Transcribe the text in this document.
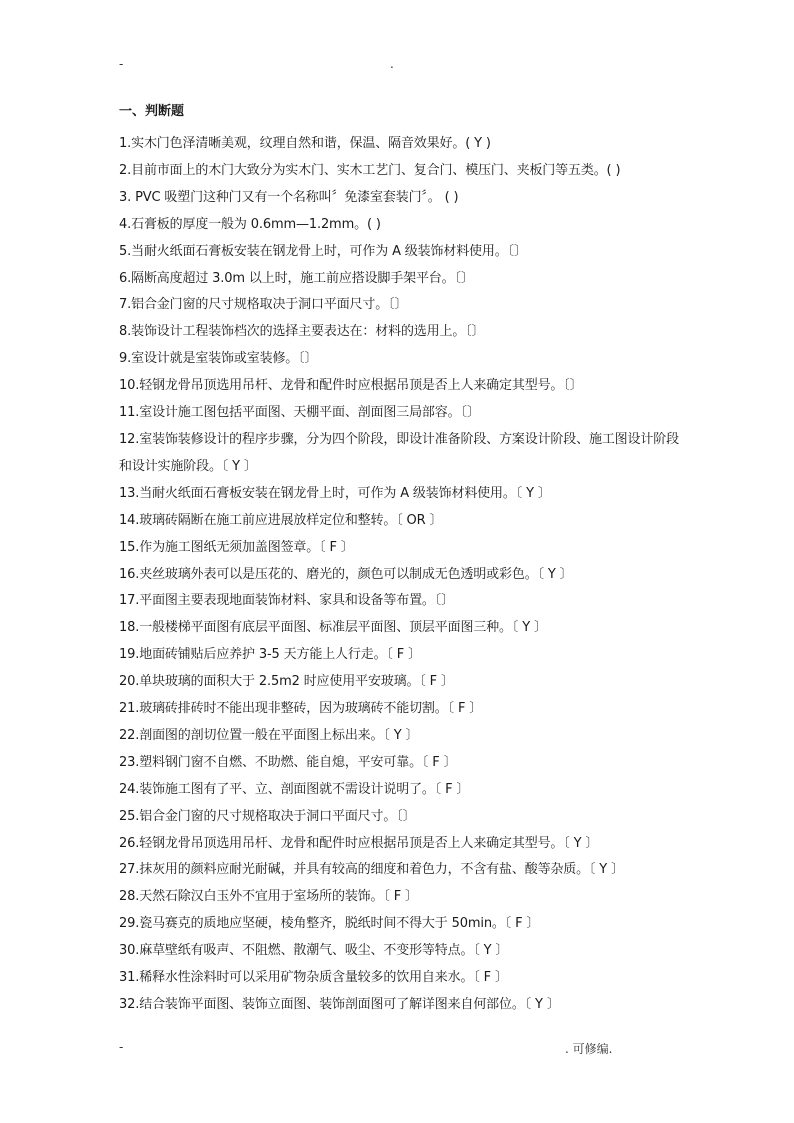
-	.
一、判断题
1.实木门色泽清晰美观，纹理自然和谐，保温、隔音效果好。( Y )
2.目前市面上的木门大致分为实木门、实木工艺门、复合门、模压门、夹板门等五类。( )
3. PVC 吸塑门这种门又有一个名称叫〞免漆室套装门〞。 ( )
4.石膏板的厚度一般为 0.6mm—1.2mm。( )
5.当耐火纸面石膏板安装在钢龙骨上时，可作为 A 级装饰材料使用。〔〕
6.隔断高度超过 3.0m 以上时，施工前应搭设脚手架平台。〔〕
7.铝合金门窗的尺寸规格取决于洞口平面尺寸。〔〕
8.装饰设计工程装饰档次的选择主要表达在：材料的选用上。〔〕
9.室设计就是室装饰或室装修。〔〕
10.轻钢龙骨吊顶选用吊杆、龙骨和配件时应根据吊顶是否上人来确定其型号。〔〕
11.室设计施工图包括平面图、天棚平面、剖面图三局部容。〔〕
12.室装饰装修设计的程序步骤，分为四个阶段，即设计准备阶段、方案设计阶段、施工图设计阶段和设计实施阶段。〔 Y 〕
13.当耐火纸面石膏板安装在钢龙骨上时，可作为 A 级装饰材料使用。〔 Y 〕
14.玻璃砖隔断在施工前应进展放样定位和整转。〔 OR 〕
15.作为施工图纸无须加盖图签章。〔 F 〕
16.夹丝玻璃外表可以是压花的、磨光的，颜色可以制成无色透明或彩色。〔 Y 〕
17.平面图主要表现地面装饰材料、家具和设备等布置。〔〕
18.一般楼梯平面图有底层平面图、标准层平面图、顶层平面图三种。〔 Y 〕
19.地面砖铺贴后应养护 3-5 天方能上人行走。〔 F 〕
20.单块玻璃的面积大于 2.5m2 时应使用平安玻璃。〔 F 〕
21.玻璃砖排砖时不能出现非整砖，因为玻璃砖不能切割。〔 F 〕
22.剖面图的剖切位置一般在平面图上标出来。〔 Y 〕
23.塑料钢门窗不自燃、不助燃、能自熄，平安可靠。〔 F 〕
24.装饰施工图有了平、立、剖面图就不需设计说明了。〔 F 〕
25.铝合金门窗的尺寸规格取决于洞口平面尺寸。〔〕
26.轻钢龙骨吊顶选用吊杆、龙骨和配件时应根据吊顶是否上人来确定其型号。〔 Y 〕
27.抹灰用的颜料应耐光耐碱，并具有较高的细度和着色力，不含有盐、酸等杂质。〔 Y 〕
28.天然石除汉白玉外不宜用于室场所的装饰。〔 F 〕
29.瓷马赛克的质地应坚硬，棱角整齐，脱纸时间不得大于 50min。〔 F 〕
30.麻草壁纸有吸声、不阻燃、散潮气、吸尘、不变形等特点。〔 Y 〕
31.稀释水性涂料时可以采用矿物杂质含量较多的饮用自来水。〔 F 〕
32.结合装饰平面图、装饰立面图、装饰剖面图可了解详图来自何部位。〔 Y 〕
-	. 可修编.
